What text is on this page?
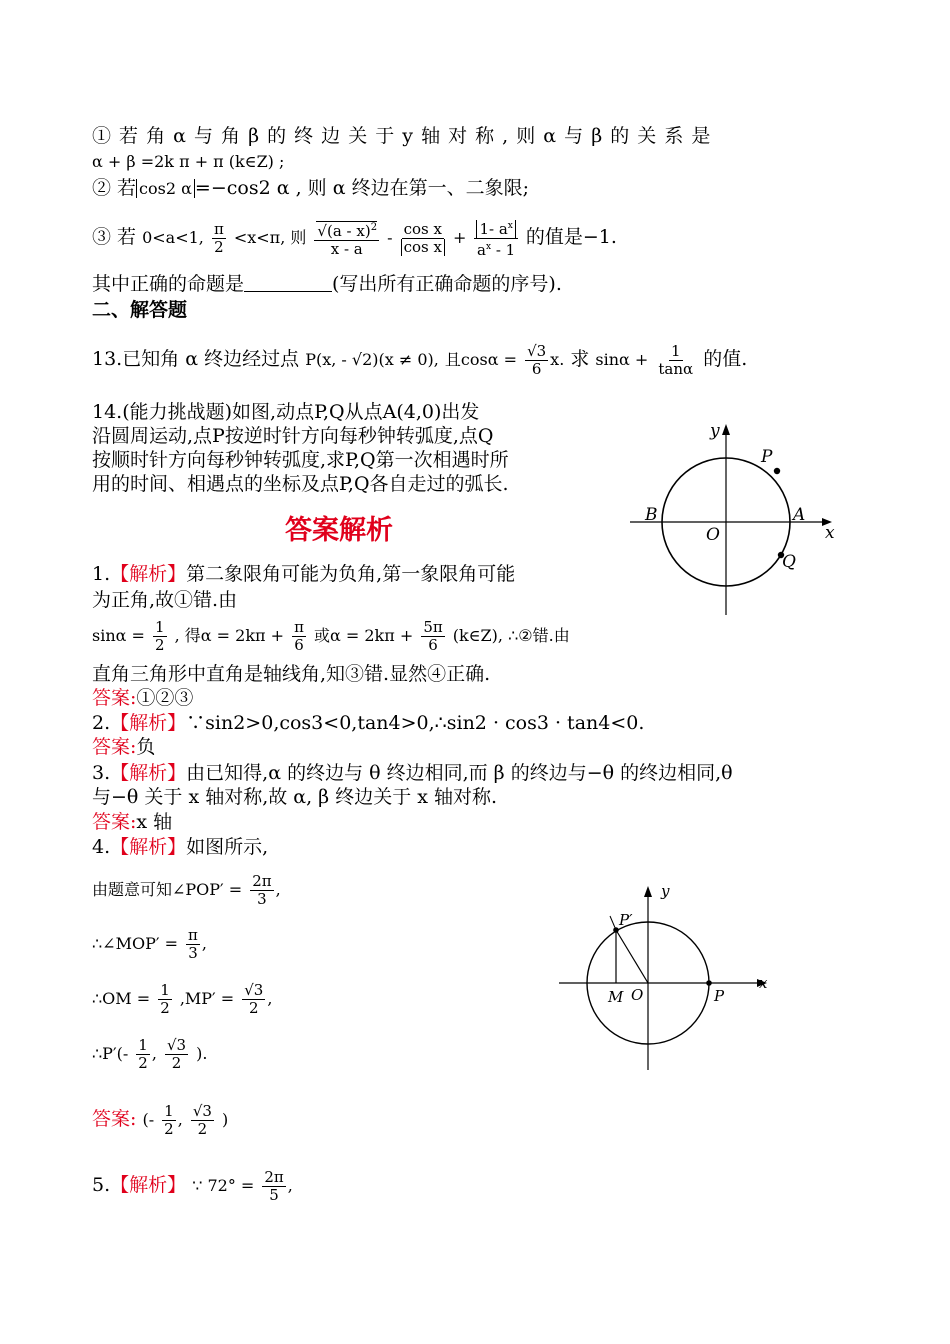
① 若 角 α 与 角 β 的 终 边 关 于 y 轴 对 称 , 则 α 与 β 的 关 系 是
α + β =2k π + π (k∈Z) ;
② 若 cos2 α =−cos2 α , 则 α 终边在第一、二象限;
③ 若 0<a<1, $\frac{\pi}{2} <x<\pi$, 则 $\frac{√(a - x)^2}{x - a} - \frac{\text{cos x}}{\text{cos x}} + \frac{1- a^x}{a^x - 1}$ 的值是−1.
其中正确的命题是	(写出所有正确命题的序号).
二、解答题
13.已知角 α 终边经过点 P(x, - √2)(x ≠ 0), 且$\cos\alpha = \frac{√3}{6} x$. 求 $\sin\alpha + \frac{1}{\tan\alpha}$ 的值.
14.(能力挑战题)如图,动点P,Q从点A(4,0)出发
沿圆周运动,点P按逆时针方向每秒钟转弧度,点Q
按顺时针方向每秒钟转弧度,求P,Q第一次相遇时所
用的时间、相遇点的坐标及点P,Q各自走过的弧长.
y
x
P
A
B
O
Q
答案解析
1.【解析】第二象限角可能为负角,第一象限角可能
为正角,故①错.由
$\sin\alpha = \frac{1}{2}$ , 得$\alpha = 2k\pi + \frac{\pi}{6}$ 或$\alpha = 2k\pi + \frac{5\pi}{6}$ (k∈Z), ∴②错.由
直角三角形中直角是轴线角,知③错.显然④正确.
答案:①②③
2.【解析】∵sin2>0,cos3<0,tan4>0,∴sin2 · cos3 · tan4<0.
答案:负
3.【解析】由已知得,α 的终边与 θ 终边相同,而 β 的终边与−θ 的终边相同,θ
与−θ 关于 x 轴对称,故 α, β 终边关于 x 轴对称.
答案:x 轴
4.【解析】如图所示,
由题意可知∠POP′ = $\frac{2\pi}{3}$ ,
∴∠MOP′ = $\frac{\pi}{3}$ ,
∴OM = $\frac{1}{2} ,MP' = \frac{√3}{2}$ ,
∴P′(- $\frac{1}{2}$ , $\frac{√3}{2}$ ).
答案: (- $\frac{1}{2}$ , $\frac{√3}{2}$ )
y
x
P′
M O	P
5.【解析】 ∵ $72^\circ = \frac{2\pi}{5}$ ,
